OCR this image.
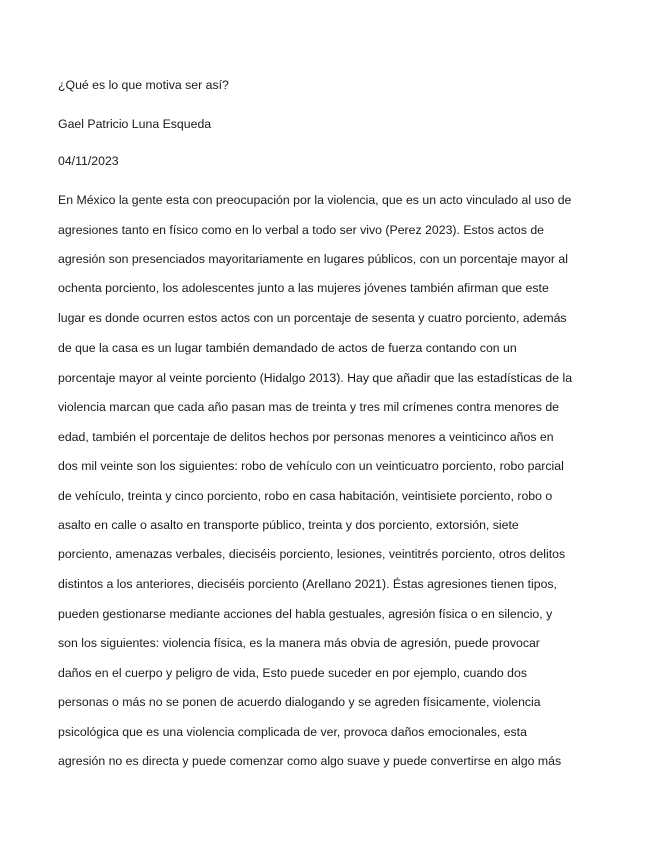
¿Qué es lo que motiva ser así?
Gael Patricio Luna Esqueda
04/11/2023
En México la gente esta con preocupación por la violencia, que es un acto vinculado al uso de
agresiones tanto en físico como en lo verbal a todo ser vivo (Perez 2023). Estos actos de
agresión son presenciados mayoritariamente en lugares públicos, con un porcentaje mayor al
ochenta porciento, los adolescentes junto a las mujeres jóvenes también afirman que este
lugar es donde ocurren estos actos con un porcentaje de sesenta y cuatro porciento, además
de que la casa es un lugar también demandado de actos de fuerza contando con un
porcentaje mayor al veinte porciento (Hidalgo 2013). Hay que añadir que las estadísticas de la
violencia marcan que cada año pasan mas de treinta y tres mil crímenes contra menores de
edad, también el porcentaje de delitos hechos por personas menores a veinticinco años en
dos mil veinte son los siguientes: robo de vehículo con un veinticuatro porciento, robo parcial
de vehículo, treinta y cinco porciento, robo en casa habitación, veintisiete porciento, robo o
asalto en calle o asalto en transporte público, treinta y dos porciento, extorsión, siete
porciento, amenazas verbales, dieciséis porciento, lesiones, veintitrés porciento, otros delitos
distintos a los anteriores, dieciséis porciento (Arellano 2021). Éstas agresiones tienen tipos,
pueden gestionarse mediante acciones del habla gestuales, agresión física o en silencio, y
son los siguientes: violencia física, es la manera más obvia de agresión, puede provocar
daños en el cuerpo y peligro de vida, Esto puede suceder en por ejemplo, cuando dos
personas o más no se ponen de acuerdo dialogando y se agreden físicamente, violencia
psicológica que es una violencia complicada de ver, provoca daños emocionales, esta
agresión no es directa y puede comenzar como algo suave y puede convertirse en algo más
